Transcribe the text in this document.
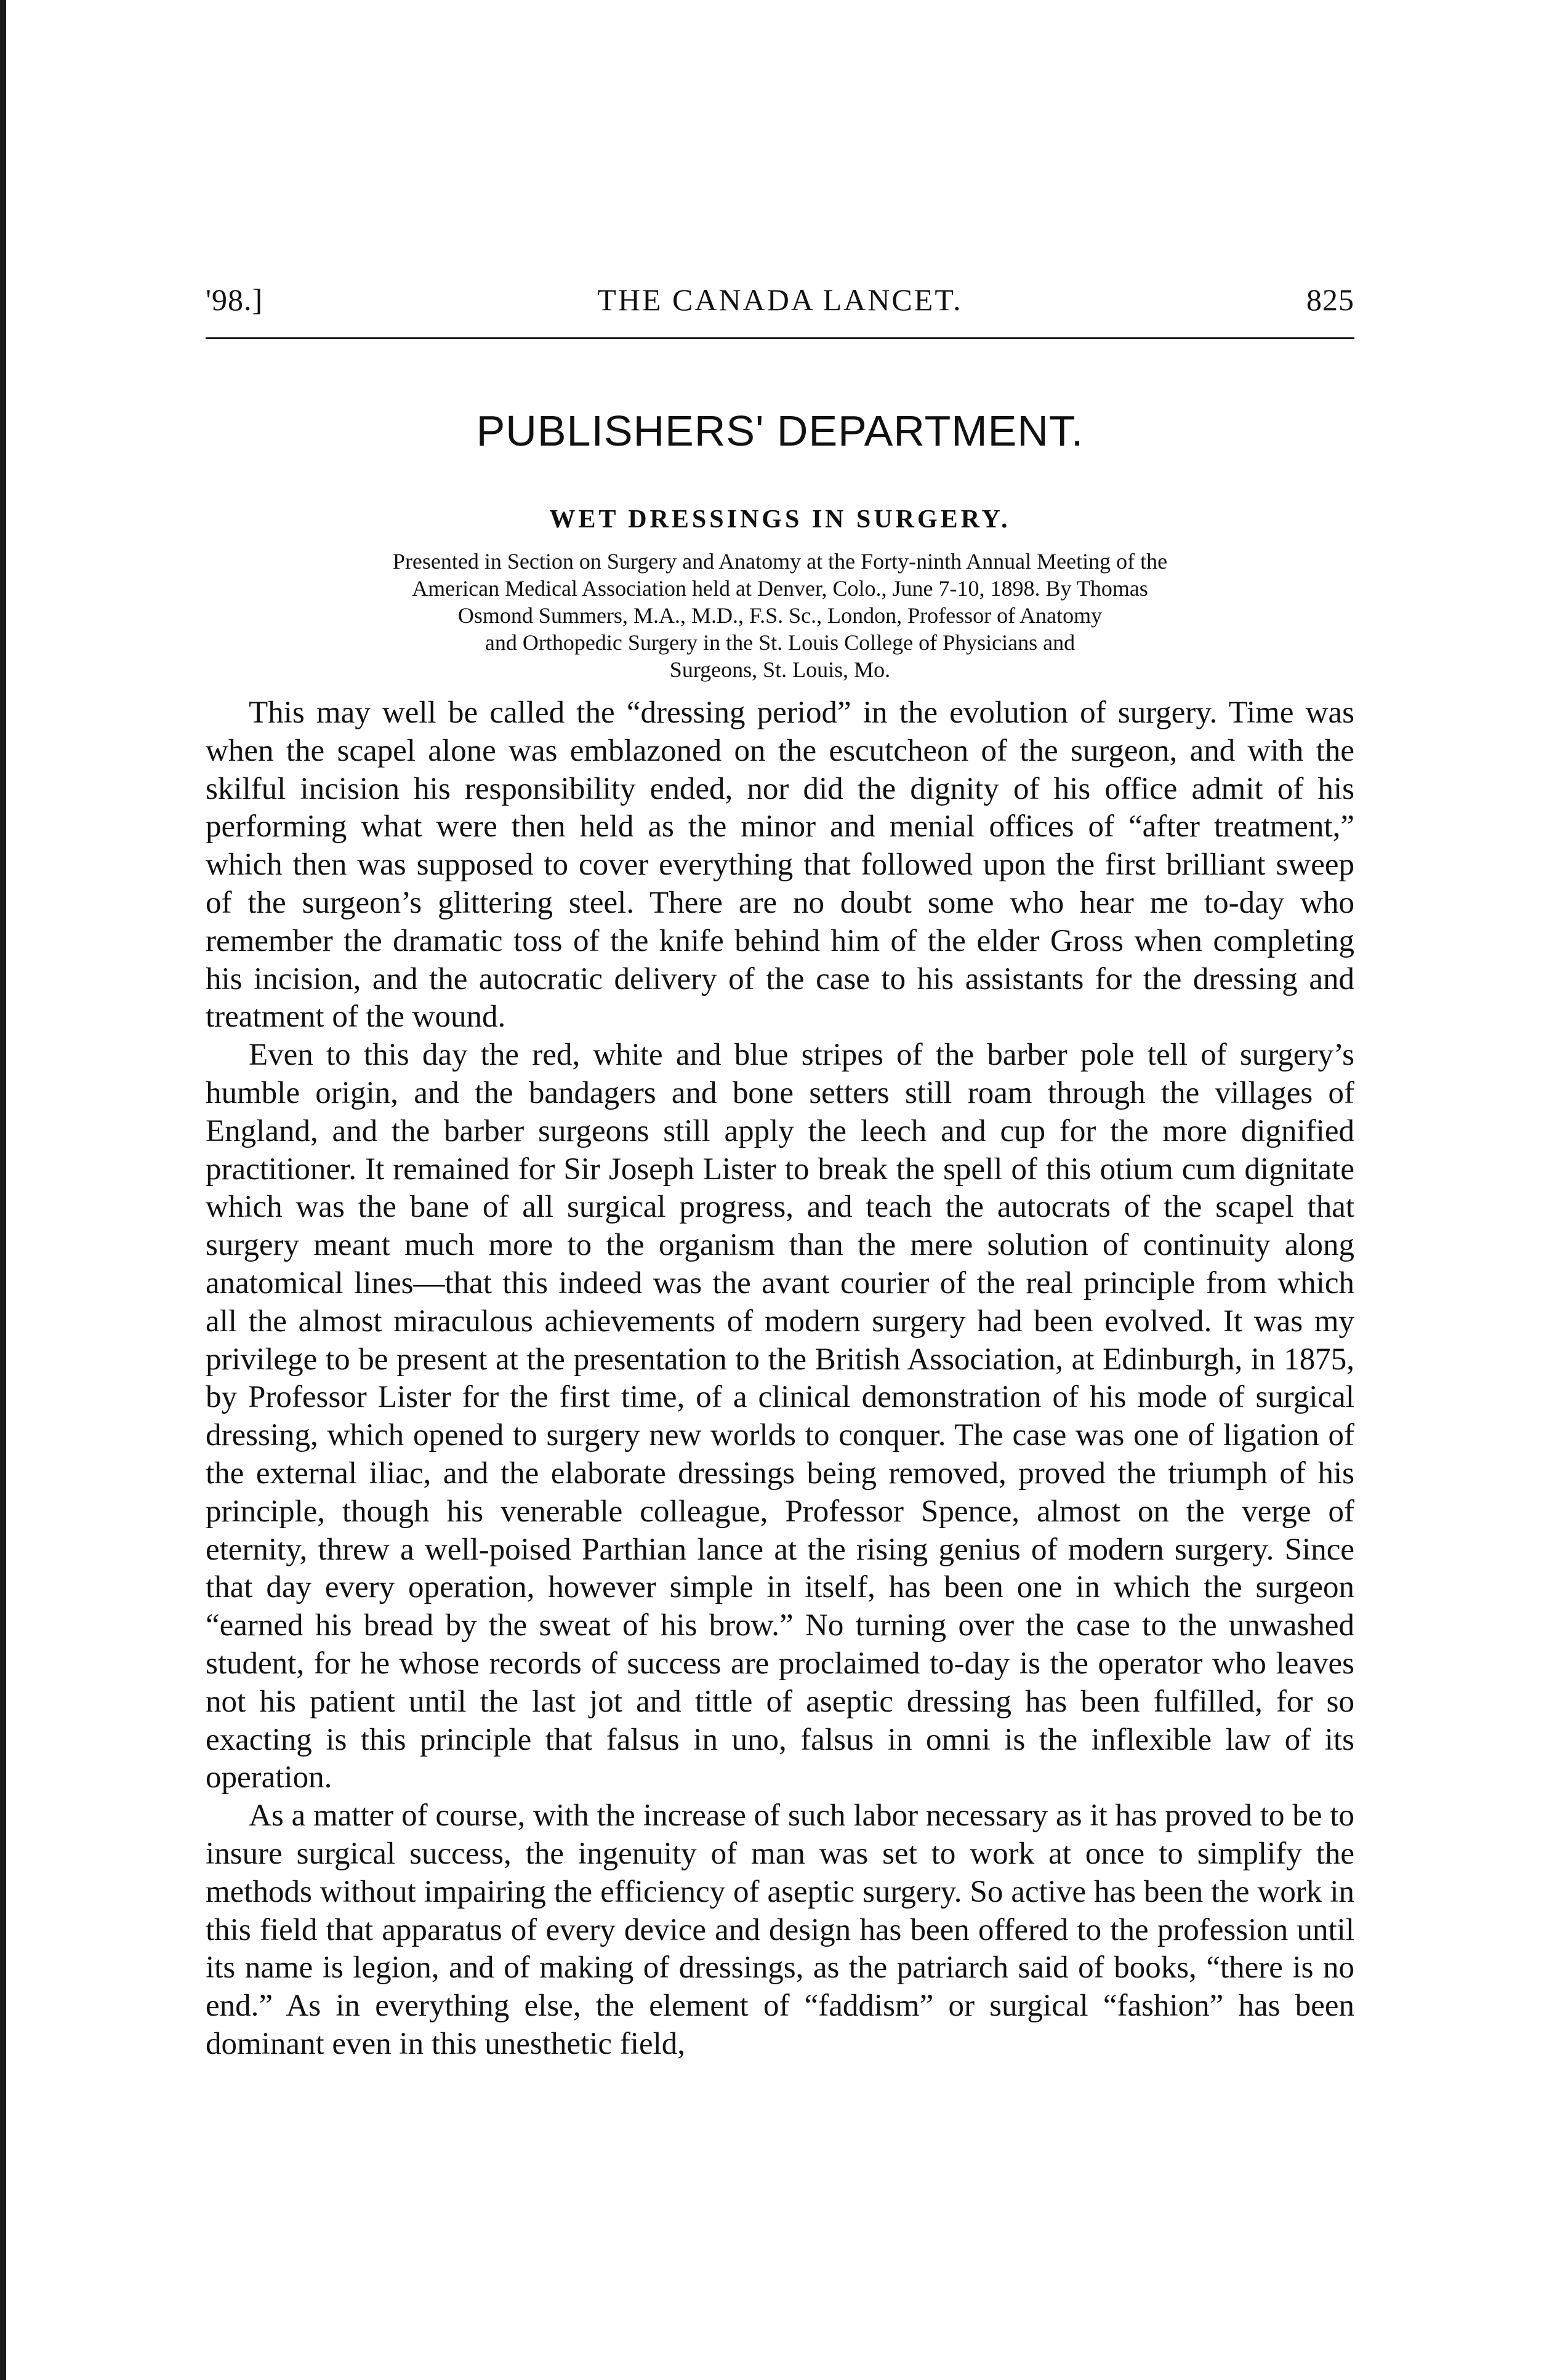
'98.]	THE CANADA LANCET.	825
PUBLISHERS' DEPARTMENT.
WET DRESSINGS IN SURGERY.
Presented in Section on Surgery and Anatomy at the Forty-ninth Annual Meeting of the
American Medical Association held at Denver, Colo., June 7-10, 1898. By Thomas
Osmond Summers, M.A., M.D., F.S. Sc., London, Professor of Anatomy
and Orthopedic Surgery in the St. Louis College of Physicians and
Surgeons, St. Louis, Mo.

This may well be called the “dressing period” in the evolution of surgery. Time was when the scapel alone was emblazoned on the escutcheon of the surgeon, and with the skilful incision his responsibility ended, nor did the dignity of his office admit of his performing what were then held as the minor and menial offices of “after treatment,” which then was supposed to cover everything that followed upon the first brilliant sweep of the surgeon’s glittering steel. There are no doubt some who hear me to-day who remember the dramatic toss of the knife behind him of the elder Gross when completing his incision, and the autocratic delivery of the case to his assistants for the dressing and treatment of the wound.

Even to this day the red, white and blue stripes of the barber pole tell of surgery’s humble origin, and the bandagers and bone setters still roam through the villages of England, and the barber surgeons still apply the leech and cup for the more dignified practitioner. It remained for Sir Joseph Lister to break the spell of this otium cum dignitate which was the bane of all surgical progress, and teach the autocrats of the scapel that surgery meant much more to the organism than the mere solution of continuity along anatomical lines—that this indeed was the avant courier of the real principle from which all the almost miraculous achievements of modern surgery had been evolved. It was my privilege to be present at the presentation to the British Association, at Edinburgh, in 1875, by Professor Lister for the first time, of a clinical demonstration of his mode of surgical dressing, which opened to surgery new worlds to conquer. The case was one of ligation of the external iliac, and the elaborate dressings being removed, proved the triumph of his principle, though his venerable colleague, Professor Spence, almost on the verge of eternity, threw a well-poised Parthian lance at the rising genius of modern surgery. Since that day every operation, however simple in itself, has been one in which the surgeon “earned his bread by the sweat of his brow.” No turning over the case to the unwashed student, for he whose records of success are proclaimed to-day is the operator who leaves not his patient until the last jot and tittle of aseptic dressing has been fulfilled, for so exacting is this principle that falsus in uno, falsus in omni is the inflexible law of its operation.

As a matter of course, with the increase of such labor necessary as it has proved to be to insure surgical success, the ingenuity of man was set to work at once to simplify the methods without impairing the efficiency of aseptic surgery. So active has been the work in this field that apparatus of every device and design has been offered to the profession until its name is legion, and of making of dressings, as the patriarch said of books, “there is no end.” As in everything else, the element of “faddism” or surgical “fashion” has been dominant even in this unesthetic field,
